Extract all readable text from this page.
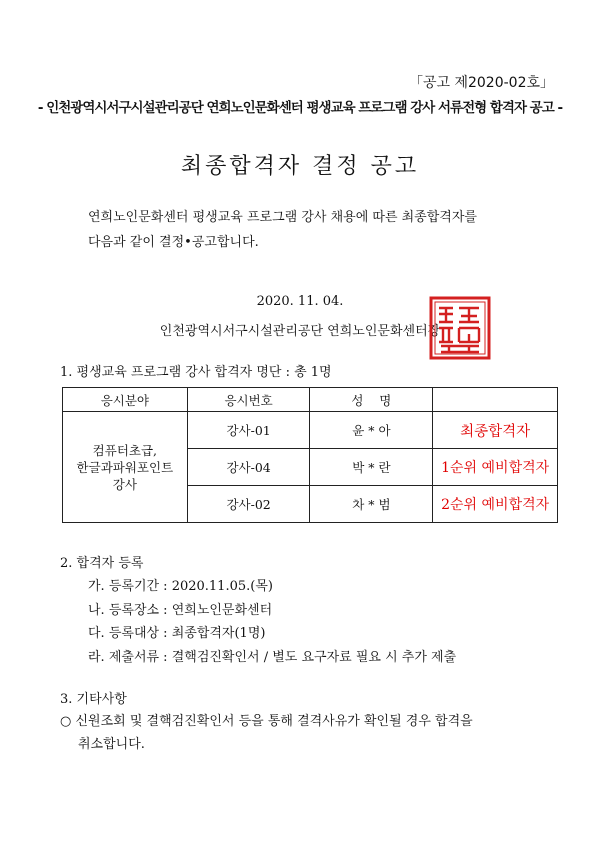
「공고 제2020-02호」
- 인천광역시서구시설관리공단 연희노인문화센터 평생교육 프로그램 강사 서류전형 합격자 공고 -
최종합격자 결정 공고
연희노인문화센터 평생교육 프로그램 강사 채용에 따른 최종합격자를
다음과 같이 결정•공고합니다.
2020. 11. 04.
인천광역시서구시설관리공단 연희노인문화센터장
1. 평생교육 프로그램 강사 합격자 명단 : 총 1명
응시분야	응시번호	성    명	

컴퓨터초급,
한글과파워포인트
강사	강사-01	윤 * 아	최종합격자
	강사-04	박 * 란	1순위 예비합격자
	강사-02	차 * 범	2순위 예비합격자
2. 합격자 등록
가. 등록기간 : 2020.11.05.(목)
나. 등록장소 : 연희노인문화센터
다. 등록대상 : 최종합격자(1명)
라. 제출서류 : 결핵검진확인서 / 별도 요구자료 필요 시 추가 제출
3. 기타사항
○ 신원조회 및 결핵검진확인서 등을 통해 결격사유가 확인될 경우 합격을
취소합니다.
